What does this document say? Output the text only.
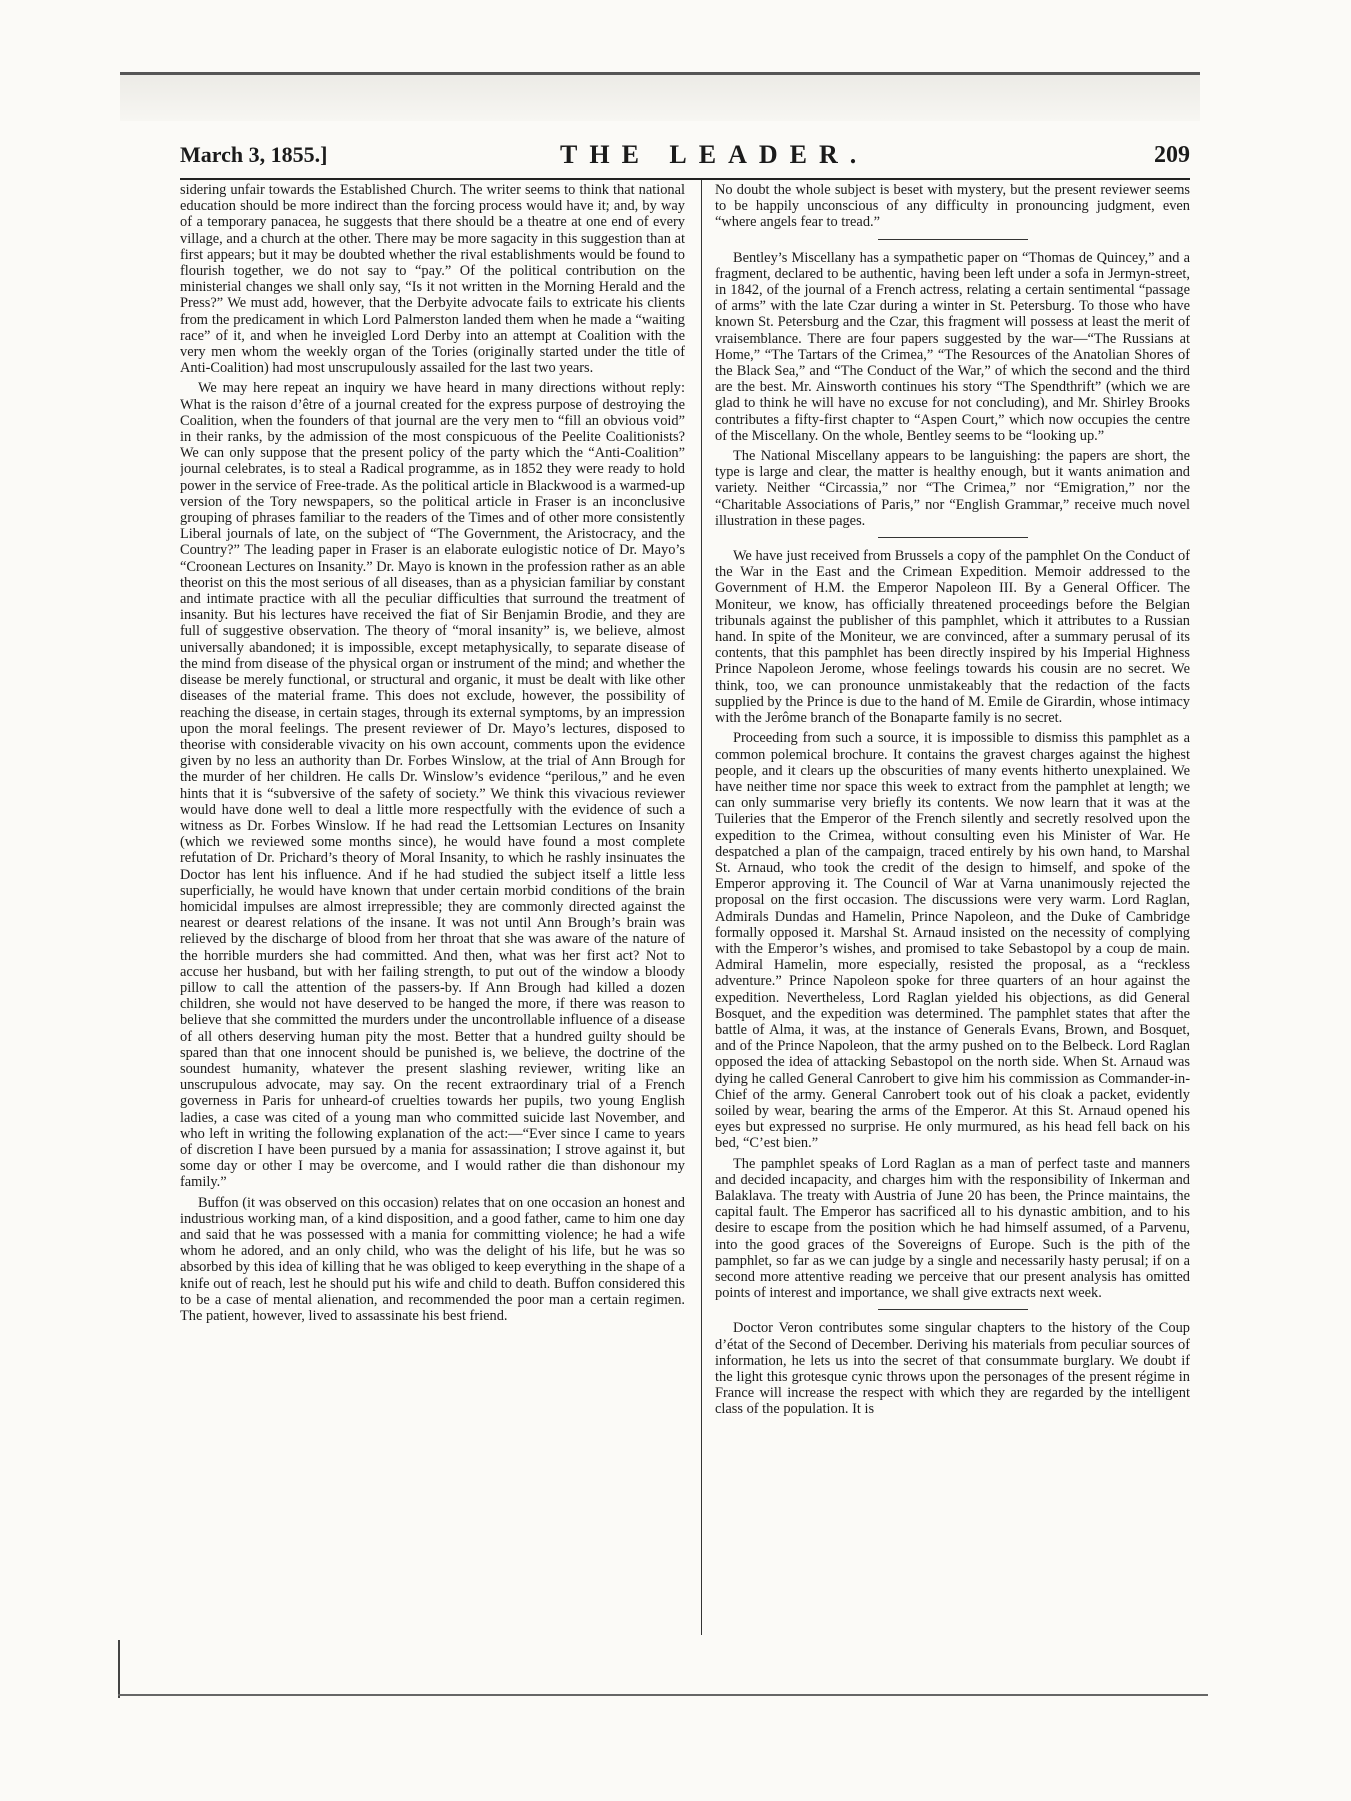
March 3, 1855.]	THE LEADER.	209

sidering unfair towards the Established Church. The writer seems to think that national education should be more indirect than the forcing process would have it; and, by way of a temporary panacea, he suggests that there should be a theatre at one end of every village, and a church at the other. There may be more sagacity in this suggestion than at first appears; but it may be doubted whether the rival establishments would be found to flourish together, we do not say to “pay.” Of the political contribution on the ministerial changes we shall only say, “Is it not written in the Morning Herald and the Press?” We must add, however, that the Derbyite advocate fails to extricate his clients from the predicament in which Lord Palmerston landed them when he made a “waiting race” of it, and when he inveigled Lord Derby into an attempt at Coalition with the very men whom the weekly organ of the Tories (originally started under the title of Anti-Coalition) had most unscrupulously assailed for the last two years.

We may here repeat an inquiry we have heard in many directions without reply: What is the raison d’être of a journal created for the express purpose of destroying the Coalition, when the founders of that journal are the very men to “fill an obvious void” in their ranks, by the admission of the most conspicuous of the Peelite Coalitionists? We can only suppose that the present policy of the party which the “Anti-Coalition” journal celebrates, is to steal a Radical programme, as in 1852 they were ready to hold power in the service of Free-trade. As the political article in Blackwood is a warmed-up version of the Tory newspapers, so the political article in Fraser is an inconclusive grouping of phrases familiar to the readers of the Times and of other more consistently Liberal journals of late, on the subject of “The Government, the Aristocracy, and the Country?” The leading paper in Fraser is an elaborate eulogistic notice of Dr. Mayo’s “Croonean Lectures on Insanity.” Dr. Mayo is known in the profession rather as an able theorist on this the most serious of all diseases, than as a physician familiar by constant and intimate practice with all the peculiar difficulties that surround the treatment of insanity. But his lectures have received the fiat of Sir Benjamin Brodie, and they are full of suggestive observation. The theory of “moral insanity” is, we believe, almost universally abandoned; it is impossible, except metaphysically, to separate disease of the mind from disease of the physical organ or instrument of the mind; and whether the disease be merely functional, or structural and organic, it must be dealt with like other diseases of the material frame. This does not exclude, however, the possibility of reaching the disease, in certain stages, through its external symptoms, by an impression upon the moral feelings. The present reviewer of Dr. Mayo’s lectures, disposed to theorise with considerable vivacity on his own account, comments upon the evidence given by no less an authority than Dr. Forbes Winslow, at the trial of Ann Brough for the murder of her children. He calls Dr. Winslow’s evidence “perilous,” and he even hints that it is “subversive of the safety of society.” We think this vivacious reviewer would have done well to deal a little more respectfully with the evidence of such a witness as Dr. Forbes Winslow. If he had read the Lettsomian Lectures on Insanity (which we reviewed some months since), he would have found a most complete refutation of Dr. Prichard’s theory of Moral Insanity, to which he rashly insinuates the Doctor has lent his influence. And if he had studied the subject itself a little less superficially, he would have known that under certain morbid conditions of the brain homicidal impulses are almost irrepressible; they are commonly directed against the nearest or dearest relations of the insane. It was not until Ann Brough’s brain was relieved by the discharge of blood from her throat that she was aware of the nature of the horrible murders she had committed. And then, what was her first act? Not to accuse her husband, but with her failing strength, to put out of the window a bloody pillow to call the attention of the passers-by. If Ann Brough had killed a dozen children, she would not have deserved to be hanged the more, if there was reason to believe that she committed the murders under the uncontrollable influence of a disease of all others deserving human pity the most. Better that a hundred guilty should be spared than that one innocent should be punished is, we believe, the doctrine of the soundest humanity, whatever the present slashing reviewer, writing like an unscrupulous advocate, may say. On the recent extraordinary trial of a French governess in Paris for unheard-of cruelties towards her pupils, two young English ladies, a case was cited of a young man who committed suicide last November, and who left in writing the following explanation of the act:—“Ever since I came to years of discretion I have been pursued by a mania for assassination; I strove against it, but some day or other I may be overcome, and I would rather die than dishonour my family.”

Buffon (it was observed on this occasion) relates that on one occasion an honest and industrious working man, of a kind disposition, and a good father, came to him one day and said that he was possessed with a mania for committing violence; he had a wife whom he adored, and an only child, who was the delight of his life, but he was so absorbed by this idea of killing that he was obliged to keep everything in the shape of a knife out of reach, lest he should put his wife and child to death. Buffon considered this to be a case of mental alienation, and recommended the poor man a certain regimen. The patient, however, lived to assassinate his best friend.

No doubt the whole subject is beset with mystery, but the present reviewer seems to be happily unconscious of any difficulty in pronouncing judgment, even “where angels fear to tread.”

Bentley’s Miscellany has a sympathetic paper on “Thomas de Quincey,” and a fragment, declared to be authentic, having been left under a sofa in Jermyn-street, in 1842, of the journal of a French actress, relating a certain sentimental “passage of arms” with the late Czar during a winter in St. Petersburg. To those who have known St. Petersburg and the Czar, this fragment will possess at least the merit of vraisemblance. There are four papers suggested by the war—“The Russians at Home,” “The Tartars of the Crimea,” “The Resources of the Anatolian Shores of the Black Sea,” and “The Conduct of the War,” of which the second and the third are the best. Mr. Ainsworth continues his story “The Spendthrift” (which we are glad to think he will have no excuse for not concluding), and Mr. Shirley Brooks contributes a fifty-first chapter to “Aspen Court,” which now occupies the centre of the Miscellany. On the whole, Bentley seems to be “looking up.”

The National Miscellany appears to be languishing: the papers are short, the type is large and clear, the matter is healthy enough, but it wants animation and variety. Neither “Circassia,” nor “The Crimea,” nor “Emigration,” nor the “Charitable Associations of Paris,” nor “English Grammar,” receive much novel illustration in these pages.

We have just received from Brussels a copy of the pamphlet On the Conduct of the War in the East and the Crimean Expedition. Memoir addressed to the Government of H.M. the Emperor Napoleon III. By a General Officer. The Moniteur, we know, has officially threatened proceedings before the Belgian tribunals against the publisher of this pamphlet, which it attributes to a Russian hand. In spite of the Moniteur, we are convinced, after a summary perusal of its contents, that this pamphlet has been directly inspired by his Imperial Highness Prince Napoleon Jerome, whose feelings towards his cousin are no secret. We think, too, we can pronounce unmistakeably that the redaction of the facts supplied by the Prince is due to the hand of M. Emile de Girardin, whose intimacy with the Jerôme branch of the Bonaparte family is no secret.

Proceeding from such a source, it is impossible to dismiss this pamphlet as a common polemical brochure. It contains the gravest charges against the highest people, and it clears up the obscurities of many events hitherto unexplained. We have neither time nor space this week to extract from the pamphlet at length; we can only summarise very briefly its contents. We now learn that it was at the Tuileries that the Emperor of the French silently and secretly resolved upon the expedition to the Crimea, without consulting even his Minister of War. He despatched a plan of the campaign, traced entirely by his own hand, to Marshal St. Arnaud, who took the credit of the design to himself, and spoke of the Emperor approving it. The Council of War at Varna unanimously rejected the proposal on the first occasion. The discussions were very warm. Lord Raglan, Admirals Dundas and Hamelin, Prince Napoleon, and the Duke of Cambridge formally opposed it. Marshal St. Arnaud insisted on the necessity of complying with the Emperor’s wishes, and promised to take Sebastopol by a coup de main. Admiral Hamelin, more especially, resisted the proposal, as a “reckless adventure.” Prince Napoleon spoke for three quarters of an hour against the expedition. Nevertheless, Lord Raglan yielded his objections, as did General Bosquet, and the expedition was determined. The pamphlet states that after the battle of Alma, it was, at the instance of Generals Evans, Brown, and Bosquet, and of the Prince Napoleon, that the army pushed on to the Belbeck. Lord Raglan opposed the idea of attacking Sebastopol on the north side. When St. Arnaud was dying he called General Canrobert to give him his commission as Commander-in-Chief of the army. General Canrobert took out of his cloak a packet, evidently soiled by wear, bearing the arms of the Emperor. At this St. Arnaud opened his eyes but expressed no surprise. He only murmured, as his head fell back on his bed, “C’est bien.”

The pamphlet speaks of Lord Raglan as a man of perfect taste and manners and decided incapacity, and charges him with the responsibility of Inkerman and Balaklava. The treaty with Austria of June 20 has been, the Prince maintains, the capital fault. The Emperor has sacrificed all to his dynastic ambition, and to his desire to escape from the position which he had himself assumed, of a Parvenu, into the good graces of the Sovereigns of Europe. Such is the pith of the pamphlet, so far as we can judge by a single and necessarily hasty perusal; if on a second more attentive reading we perceive that our present analysis has omitted points of interest and importance, we shall give extracts next week.

Doctor Veron contributes some singular chapters to the history of the Coup d’état of the Second of December. Deriving his materials from peculiar sources of information, he lets us into the secret of that consummate burglary. We doubt if the light this grotesque cynic throws upon the personages of the present régime in France will increase the respect with which they are regarded by the intelligent class of the population. It is
